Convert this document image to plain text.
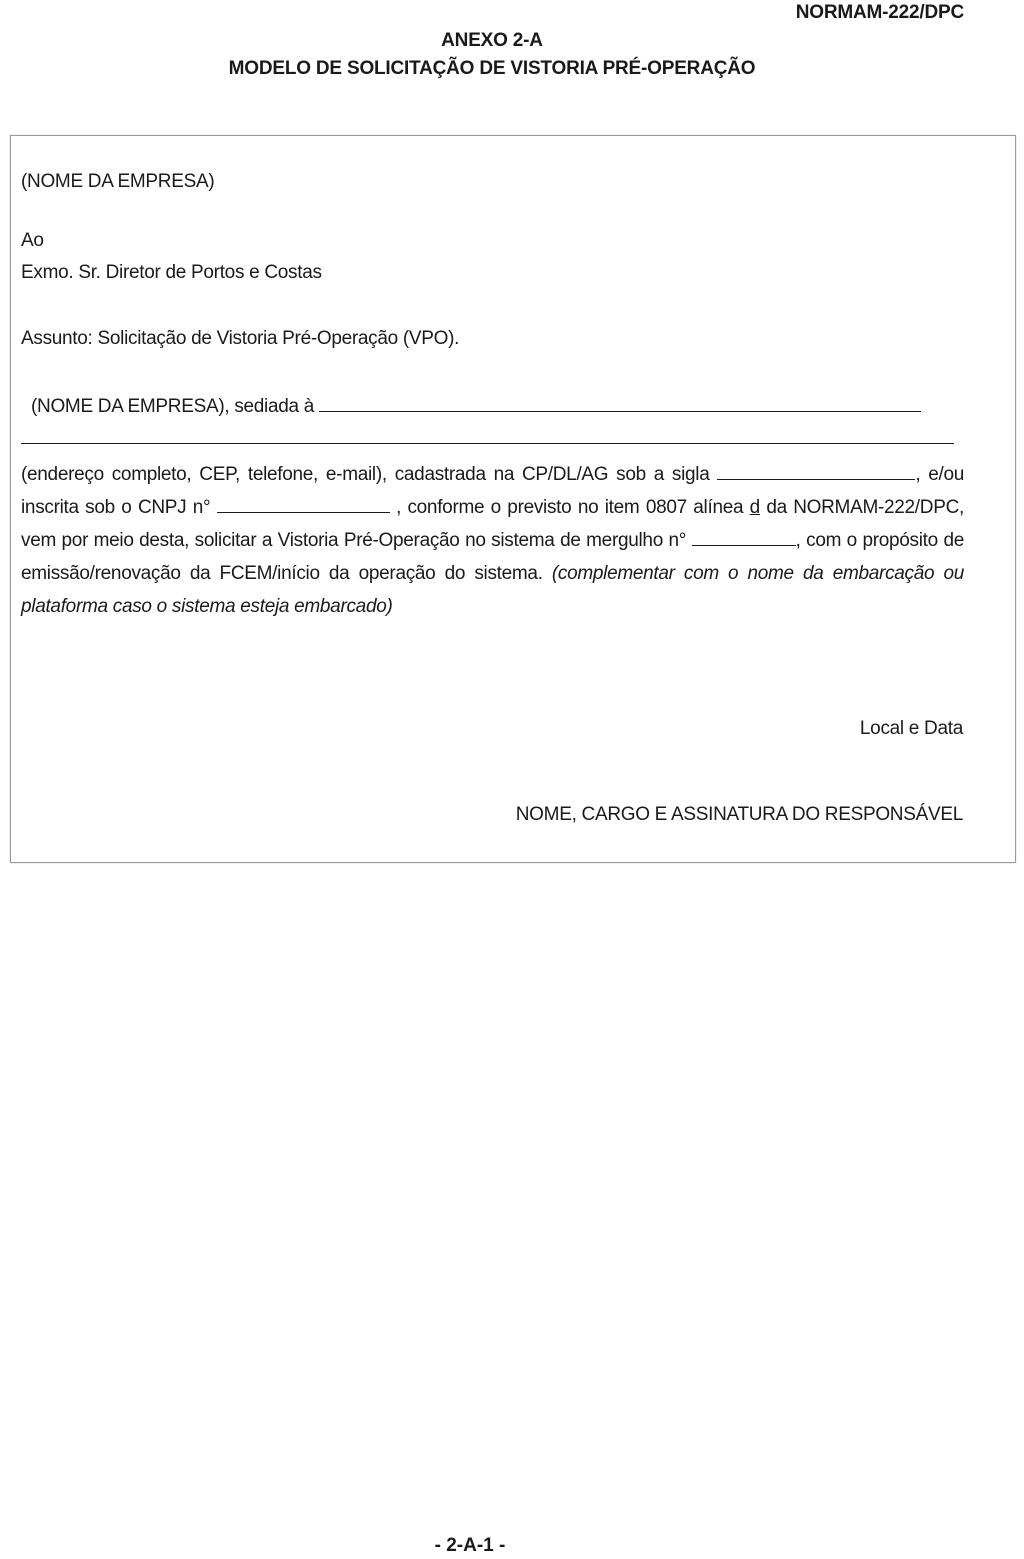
NORMAM-222/DPC
ANEXO 2-A
MODELO DE SOLICITAÇÃO DE VISTORIA PRÉ-OPERAÇÃO
(NOME DA EMPRESA)
Ao
Exmo. Sr. Diretor de Portos e Costas
Assunto: Solicitação de Vistoria Pré-Operação (VPO).
(NOME DA EMPRESA), sediada à
(endereço completo, CEP, telefone, e-mail), cadastrada na CP/DL/AG sob a sigla	, e/ou inscrita sob o CNPJ n°	, conforme o previsto no item 0807 alínea d da NORMAM-222/DPC, vem por meio desta, solicitar a Vistoria Pré-Operação no sistema de mergulho n°	, com o propósito de emissão/renovação da FCEM/início da operação do sistema. (complementar com o nome da embarcação ou plataforma caso o sistema esteja embarcado)
Local e Data
NOME, CARGO E ASSINATURA DO RESPONSÁVEL
- 2-A-1 -
